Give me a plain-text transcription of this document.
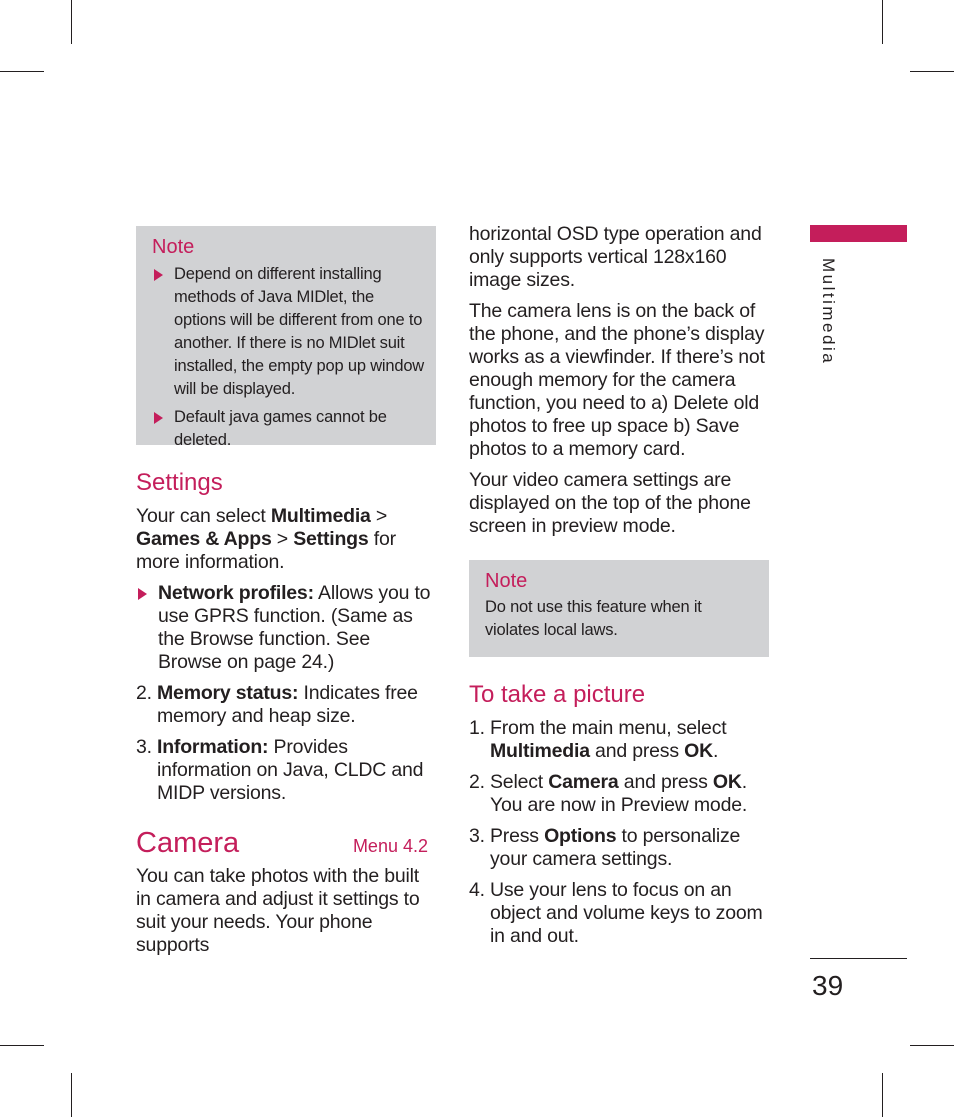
Note
Depend on different installing methods of Java MIDlet, the options will be different from one to another. If there is no MIDlet suit installed, the empty pop up window will be displayed.
Default java games cannot be deleted.
Settings

Your can select Multimedia > Games & Apps > Settings for more information.

Network profiles: Allows you to use GPRS function. (Same as the Browse function. See Browse on page 24.)
2. Memory status: Indicates free memory and heap size.
3. Information: Provides information on Java, CLDC and MIDP versions.
Camera	Menu 4.2
You can take photos with the built in camera and adjust it settings to suit your needs. Your phone supports

horizontal OSD type operation and only supports vertical 128x160 image sizes.

The camera lens is on the back of the phone, and the phone’s display works as a viewfinder. If there’s not enough memory for the camera function, you need to a) Delete old photos to free up space b) Save photos to a memory card.

Your video camera settings are displayed on the top of the phone screen in preview mode.

Note
Do not use this feature when it violates local laws.
To take a picture
1. From the main menu, select Multimedia and press OK.
2. Select Camera and press OK. You are now in Preview mode.
3. Press Options to personalize your camera settings.
4. Use your lens to focus on an object and volume keys to zoom in and out.
Multimedia
39
